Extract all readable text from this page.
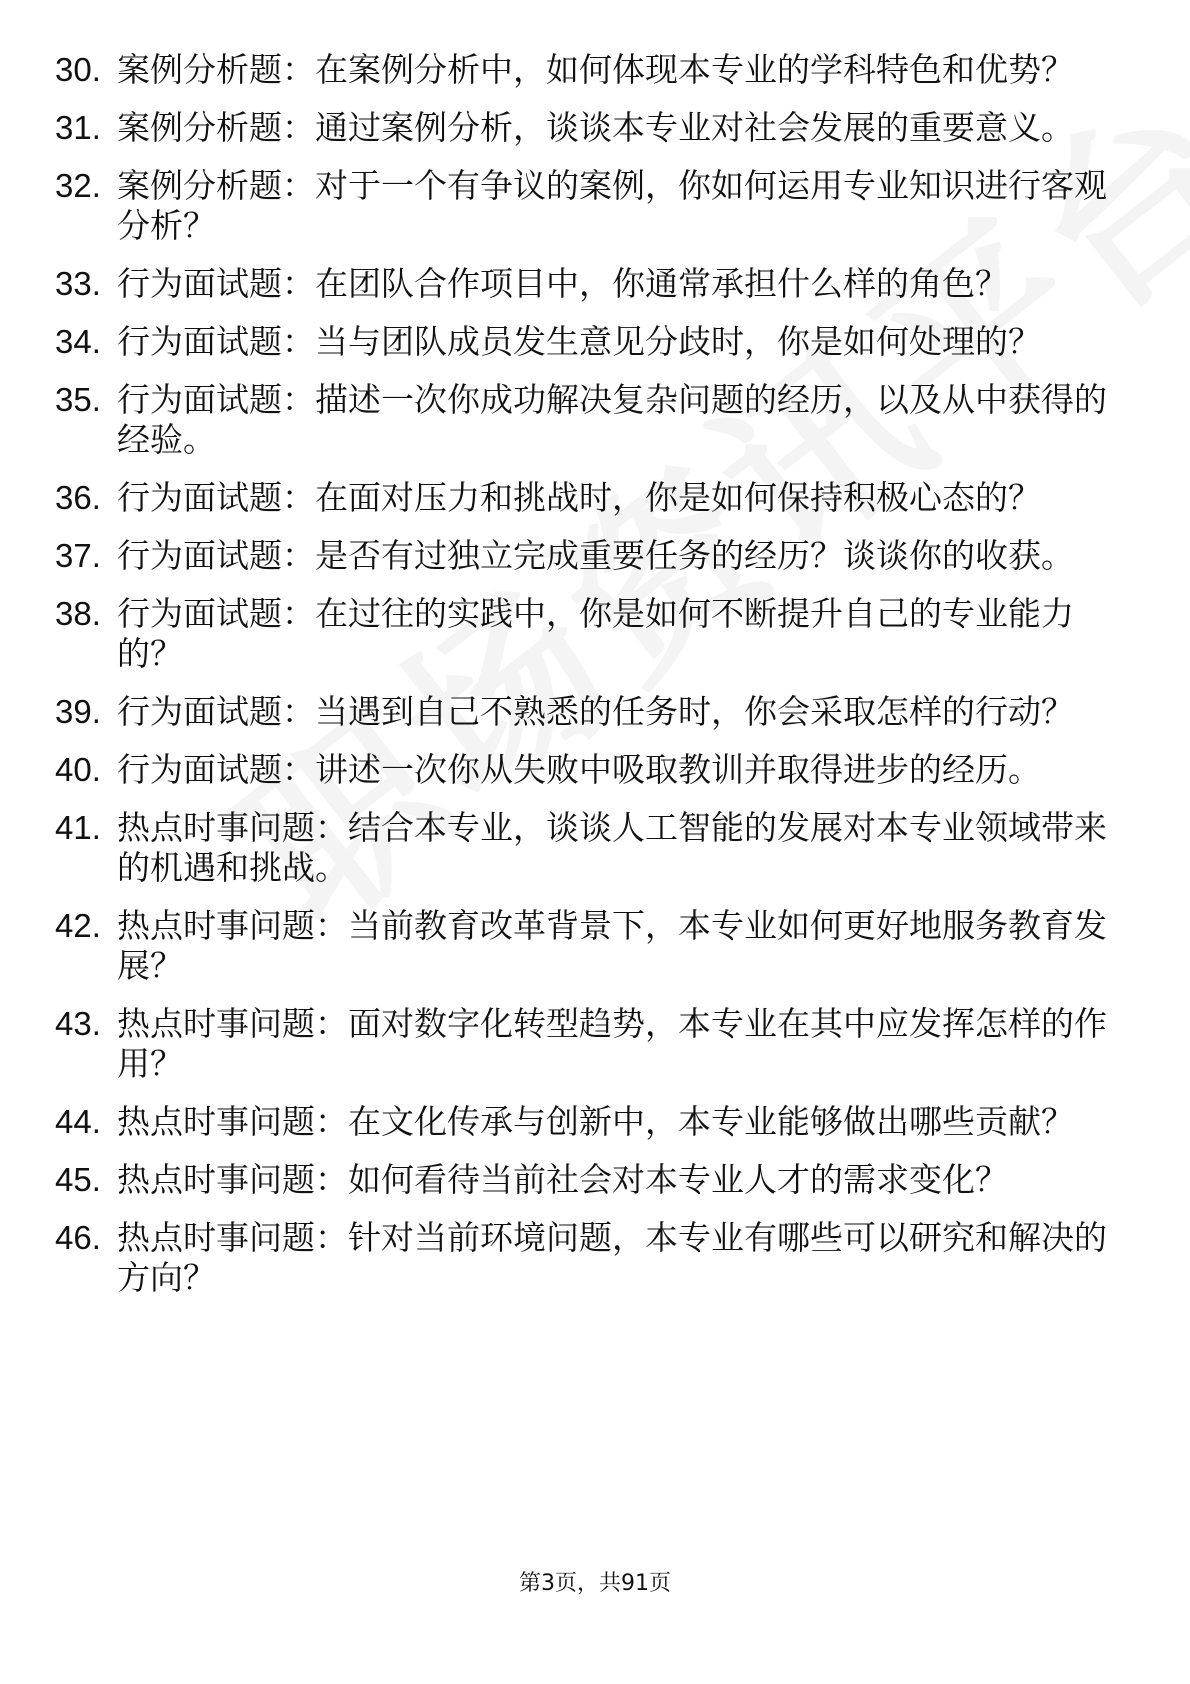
30. 案例分析题：在案例分析中，如何体现本专业的学科特色和优势？
31. 案例分析题：通过案例分析，谈谈本专业对社会发展的重要意义。
32. 案例分析题：对于一个有争议的案例，你如何运用专业知识进行客观分析？
33. 行为面试题：在团队合作项目中，你通常承担什么样的角色？
34. 行为面试题：当与团队成员发生意见分歧时，你是如何处理的？
35. 行为面试题：描述一次你成功解决复杂问题的经历，以及从中获得的经验。
36. 行为面试题：在面对压力和挑战时，你是如何保持积极心态的？
37. 行为面试题：是否有过独立完成重要任务的经历？谈谈你的收获。
38. 行为面试题：在过往的实践中，你是如何不断提升自己的专业能力的？
39. 行为面试题：当遇到自己不熟悉的任务时，你会采取怎样的行动？
40. 行为面试题：讲述一次你从失败中吸取教训并取得进步的经历。
41. 热点时事问题：结合本专业，谈谈人工智能的发展对本专业领域带来的机遇和挑战。
42. 热点时事问题：当前教育改革背景下，本专业如何更好地服务教育发展？
43. 热点时事问题：面对数字化转型趋势，本专业在其中应发挥怎样的作用？
44. 热点时事问题：在文化传承与创新中，本专业能够做出哪些贡献？
45. 热点时事问题：如何看待当前社会对本专业人才的需求变化？
46. 热点时事问题：针对当前环境问题，本专业有哪些可以研究和解决的方向？
第3页，共91页
